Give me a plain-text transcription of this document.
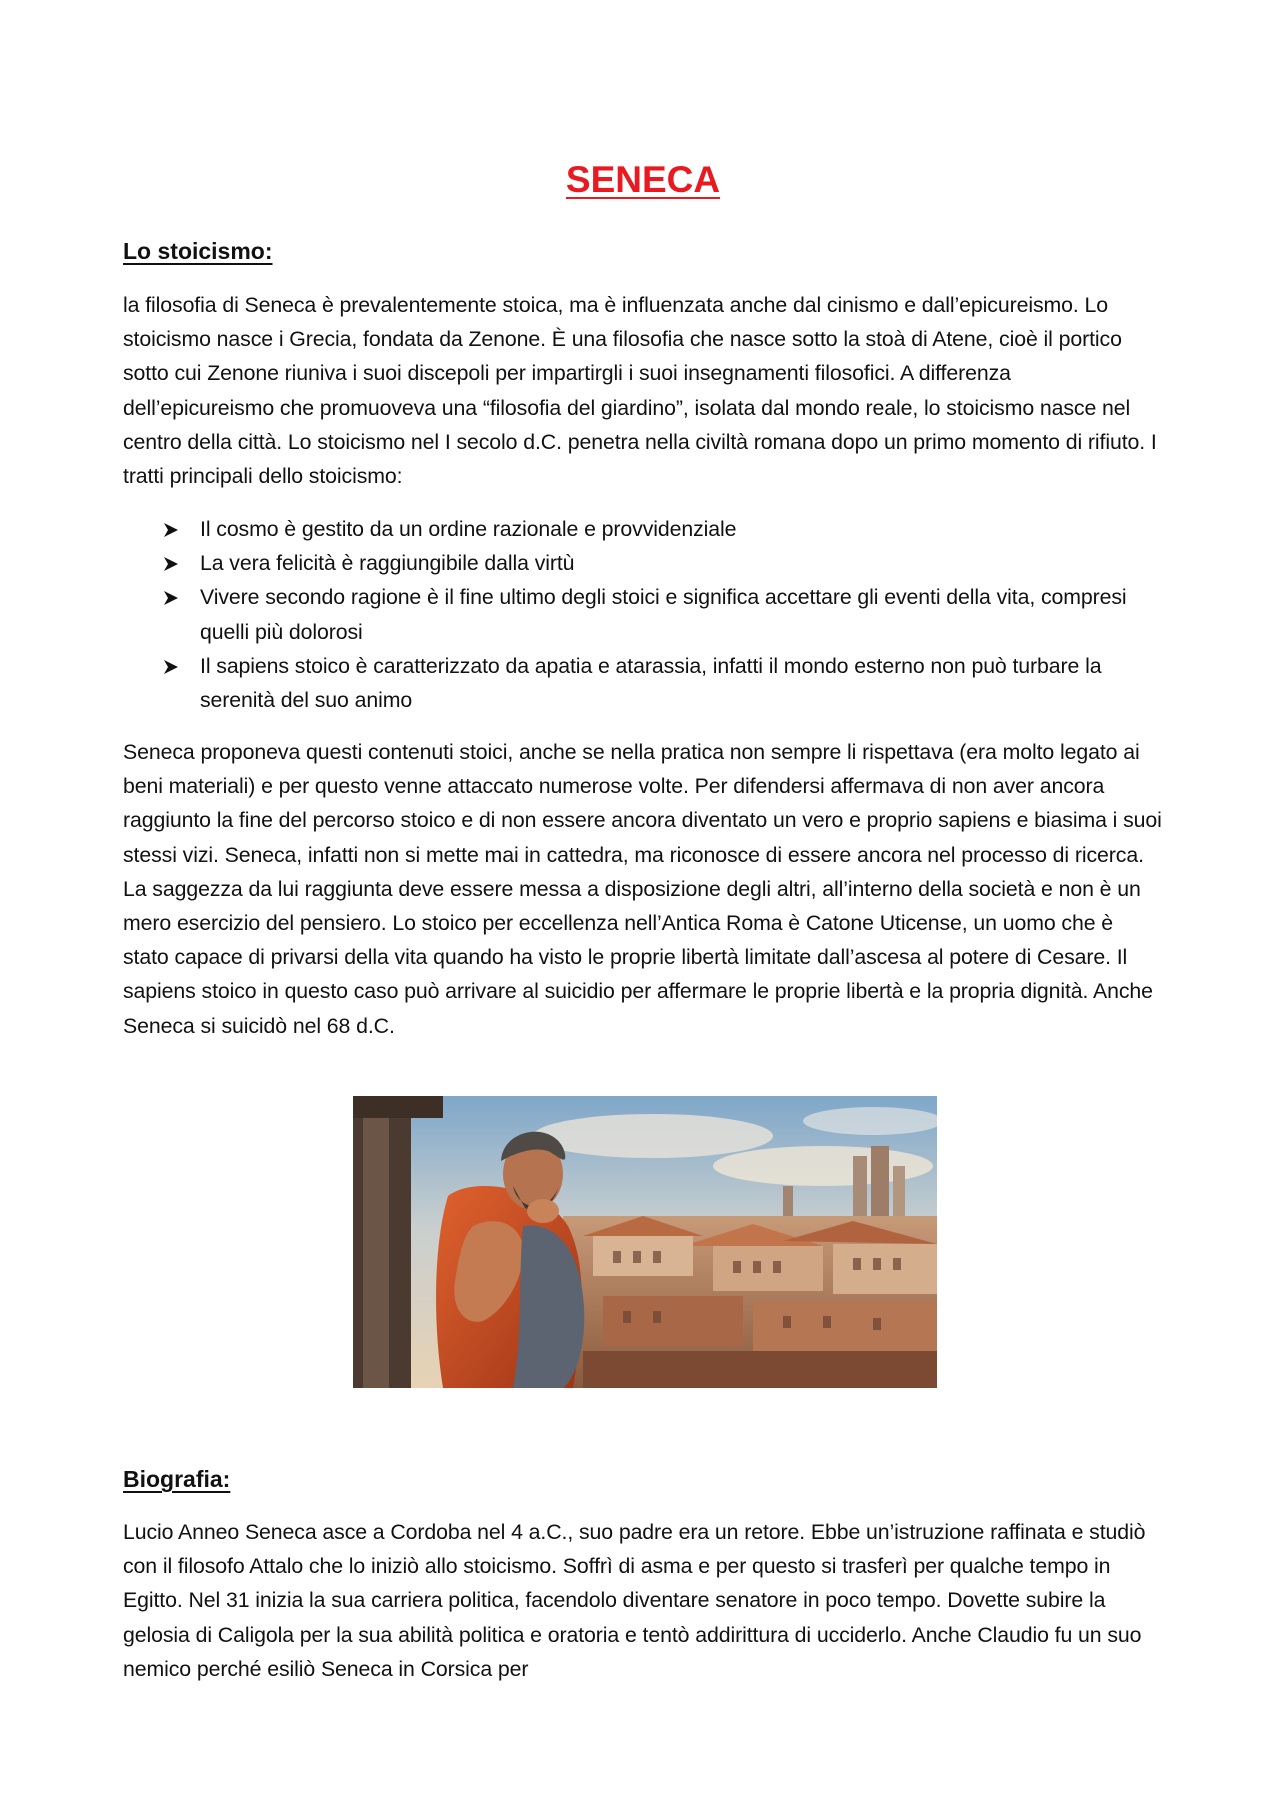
SENECA
Lo stoicismo:

la filosofia di Seneca è prevalentemente stoica, ma è influenzata anche dal cinismo e dall’epicureismo. Lo stoicismo nasce i Grecia, fondata da Zenone. È una filosofia che nasce sotto la stoà di Atene, cioè il portico sotto cui Zenone riuniva i suoi discepoli per impartirgli i suoi insegnamenti filosofici. A differenza dell’epicureismo che promuoveva una “filosofia del giardino”, isolata dal mondo reale, lo stoicismo nasce nel centro della città. Lo stoicismo nel I secolo d.C. penetra nella civiltà romana dopo un primo momento di rifiuto. I tratti principali dello stoicismo:

Il cosmo è gestito da un ordine razionale e provvidenziale
La vera felicità è raggiungibile dalla virtù
Vivere secondo ragione è il fine ultimo degli stoici e significa accettare gli eventi della vita, compresi quelli più dolorosi
Il sapiens stoico è caratterizzato da apatia e atarassia, infatti il mondo esterno non può turbare la serenità del suo animo

Seneca proponeva questi contenuti stoici, anche se nella pratica non sempre li rispettava (era molto legato ai beni materiali) e per questo venne attaccato numerose volte. Per difendersi affermava di non aver ancora raggiunto la fine del percorso stoico e di non essere ancora diventato un vero e proprio sapiens e biasima i suoi stessi vizi. Seneca, infatti non si mette mai in cattedra, ma riconosce di essere ancora nel processo di ricerca. La saggezza da lui raggiunta deve essere messa a disposizione degli altri, all’interno della società e non è un mero esercizio del pensiero. Lo stoico per eccellenza nell’Antica Roma è Catone Uticense, un uomo che è stato capace di privarsi della vita quando ha visto le proprie libertà limitate dall’ascesa al potere di Cesare. Il sapiens stoico in questo caso può arrivare al suicidio per affermare le proprie libertà e la propria dignità. Anche Seneca si suicidò nel 68 d.C.

Biografia:

Lucio Anneo Seneca asce a Cordoba nel 4 a.C., suo padre era un retore. Ebbe un’istruzione raffinata e studiò con il filosofo Attalo che lo iniziò allo stoicismo. Soffrì di asma e per questo si trasferì per qualche tempo in Egitto. Nel 31 inizia la sua carriera politica, facendolo diventare senatore in poco tempo. Dovette subire la gelosia di Caligola per la sua abilità politica e oratoria e tentò addirittura di ucciderlo. Anche Claudio fu un suo nemico perché esiliò Seneca in Corsica per
